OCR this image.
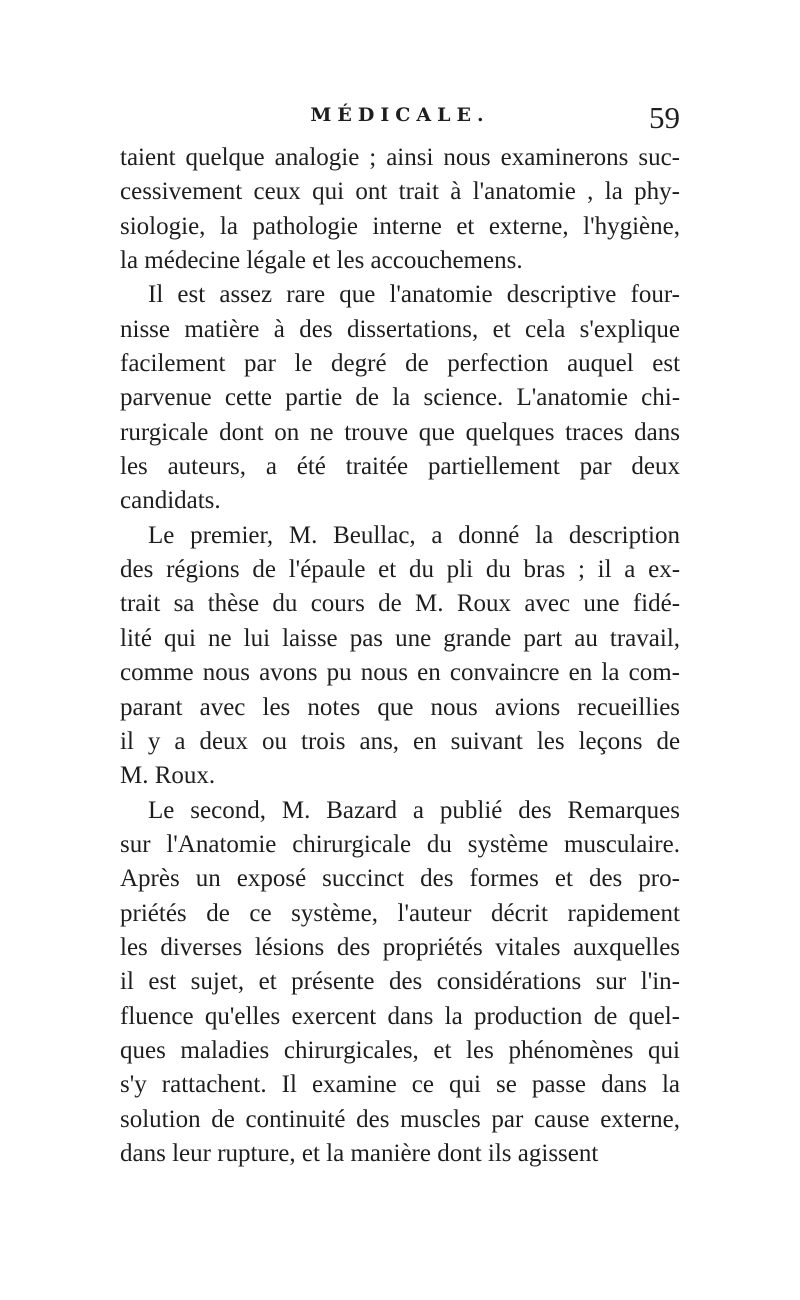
MÉDICALE.	59
taient quelque analogie ; ainsi nous examinerons suc-
cessivement ceux qui ont trait à l'anatomie , la phy-
siologie, la pathologie interne et externe, l'hygiène,
la médecine légale et les accouchemens.
Il est assez rare que l'anatomie descriptive four-
nisse matière à des dissertations, et cela s'explique
facilement par le degré de perfection auquel est
parvenue cette partie de la science. L'anatomie chi-
rurgicale dont on ne trouve que quelques traces dans
les auteurs, a été traitée partiellement par deux
candidats.
Le premier, M. Beullac, a donné la description
des régions de l'épaule et du pli du bras ; il a ex-
trait sa thèse du cours de M. Roux avec une fidé-
lité qui ne lui laisse pas une grande part au travail,
comme nous avons pu nous en convaincre en la com-
parant avec les notes que nous avions recueillies
il y a deux ou trois ans, en suivant les leçons de
M. Roux.
Le second, M. Bazard a publié des Remarques
sur l'Anatomie chirurgicale du système musculaire.
Après un exposé succinct des formes et des pro-
priétés de ce système, l'auteur décrit rapidement
les diverses lésions des propriétés vitales auxquelles
il est sujet, et présente des considérations sur l'in-
fluence qu'elles exercent dans la production de quel-
ques maladies chirurgicales, et les phénomènes qui
s'y rattachent. Il examine ce qui se passe dans la
solution de continuité des muscles par cause externe,
dans leur rupture, et la manière dont ils agissent
